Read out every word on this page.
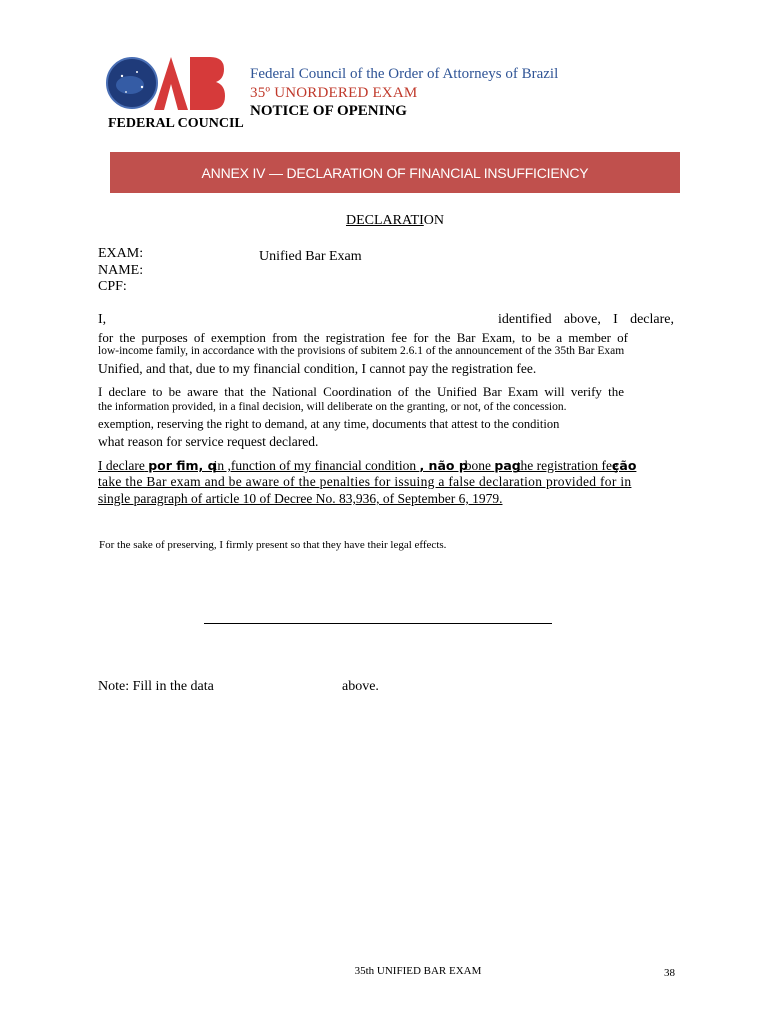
FEDERAL COUNCIL
Federal Council of the Order of Attorneys of Brazil
35º UNORDERED EXAM
NOTICE OF OPENING
ANNEX IV — DECLARATION OF FINANCIAL INSUFFICIENCY
DECLARATION
EXAM:	Unified Bar Exam
NAME:
CPF:
I,	identified above, I declare,
for the purposes of exemption from the registration fee for the Bar Exam, to be a member of
low-income family, in accordance with the provisions of subitem 2.6.1 of the announcement of the 35th Bar Exam
Unified, and that, due to my financial condition, I cannot pay the registration fee.
I declare to be aware that the National Coordination of the Unified Bar Exam will verify the
the information provided, in a final decision, will deliberate on the granting, or not, of the concession.
exemption, reserving the right to demand, at any time, documents that attest to the condition
what reason for service request declared.
I declare por fim, qin ,function of my financial condition , não pbone pagthe registration feeção
take the Bar exam and be aware of the penalties for issuing a false declaration provided for in
single paragraph of article 10 of Decree No. 83,936, of September 6, 1979.
For the sake of preserving, I firmly present so that they have their legal effects.
Note: Fill in the data	above.
35th UNIFIED BAR EXAM	38
